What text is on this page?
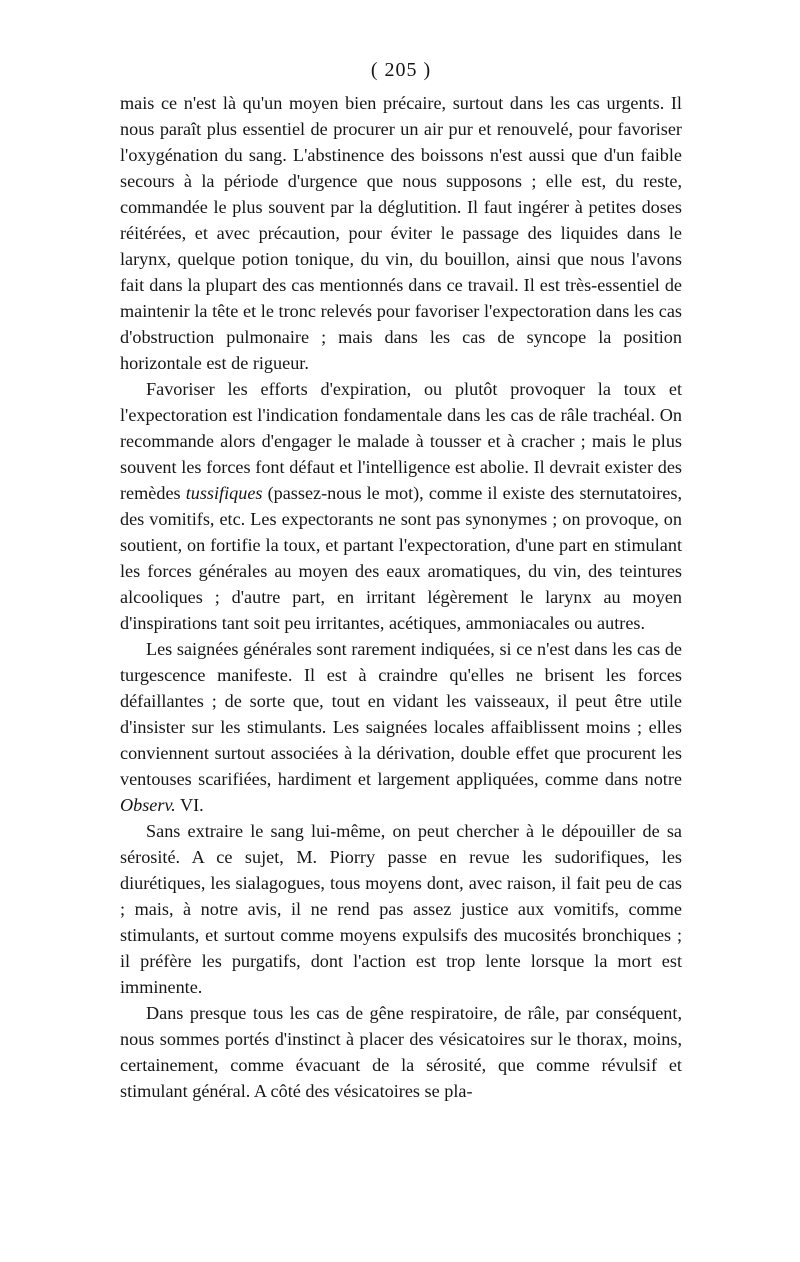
( 205 )

mais ce n'est là qu'un moyen bien précaire, surtout dans les cas urgents. Il nous paraît plus essentiel de procurer un air pur et renouvelé, pour favoriser l'oxygénation du sang. L'abstinence des boissons n'est aussi que d'un faible secours à la période d'urgence que nous supposons ; elle est, du reste, commandée le plus souvent par la déglutition. Il faut ingérer à petites doses réitérées, et avec précaution, pour éviter le passage des liquides dans le larynx, quelque potion tonique, du vin, du bouillon, ainsi que nous l'avons fait dans la plupart des cas mentionnés dans ce travail. Il est très-essentiel de maintenir la tête et le tronc relevés pour favoriser l'expectoration dans les cas d'obstruction pulmonaire ; mais dans les cas de syncope la position horizontale est de rigueur.

Favoriser les efforts d'expiration, ou plutôt provoquer la toux et l'expectoration est l'indication fondamentale dans les cas de râle trachéal. On recommande alors d'engager le malade à tousser et à cracher ; mais le plus souvent les forces font défaut et l'intelligence est abolie. Il devrait exister des remèdes tussifiques (passez-nous le mot), comme il existe des sternutatoires, des vomitifs, etc. Les expectorants ne sont pas synonymes ; on provoque, on soutient, on fortifie la toux, et partant l'expectoration, d'une part en stimulant les forces générales au moyen des eaux aromatiques, du vin, des teintures alcooliques ; d'autre part, en irritant légèrement le larynx au moyen d'inspirations tant soit peu irritantes, acétiques, ammoniacales ou autres.

Les saignées générales sont rarement indiquées, si ce n'est dans les cas de turgescence manifeste. Il est à craindre qu'elles ne brisent les forces défaillantes ; de sorte que, tout en vidant les vaisseaux, il peut être utile d'insister sur les stimulants. Les saignées locales affaiblissent moins ; elles conviennent surtout associées à la dérivation, double effet que procurent les ventouses scarifiées, hardiment et largement appliquées, comme dans notre Observ. VI.

Sans extraire le sang lui-même, on peut chercher à le dépouiller de sa sérosité. A ce sujet, M. Piorry passe en revue les sudorifiques, les diurétiques, les sialagogues, tous moyens dont, avec raison, il fait peu de cas ; mais, à notre avis, il ne rend pas assez justice aux vomitifs, comme stimulants, et surtout comme moyens expulsifs des mucosités bronchiques ; il préfère les purgatifs, dont l'action est trop lente lorsque la mort est imminente.

Dans presque tous les cas de gêne respiratoire, de râle, par conséquent, nous sommes portés d'instinct à placer des vésicatoires sur le thorax, moins, certainement, comme évacuant de la sérosité, que comme révulsif et stimulant général. A côté des vésicatoires se pla-
